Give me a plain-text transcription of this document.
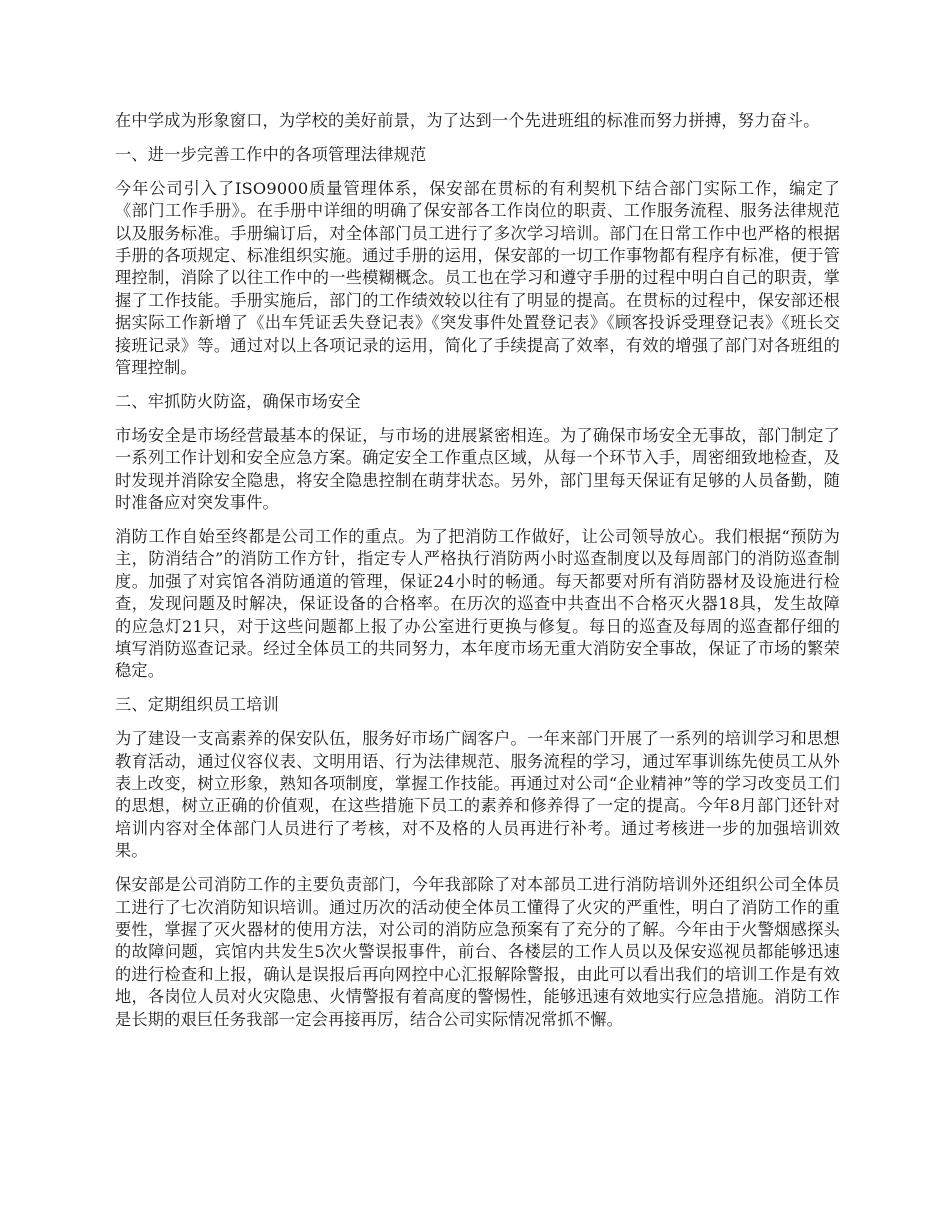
在中学成为形象窗口，为学校的美好前景，为了达到一个先进班组的标准而努力拼搏，努力奋斗。

一、进一步完善工作中的各项管理法律规范

今年公司引入了ISO9000质量管理体系，保安部在贯标的有利契机下结合部门实际工作，编定了《部门工作手册》。在手册中详细的明确了保安部各工作岗位的职责、工作服务流程、服务法律规范以及服务标准。手册编订后，对全体部门员工进行了多次学习培训。部门在日常工作中也严格的根据手册的各项规定、标准组织实施。通过手册的运用，保安部的一切工作事物都有程序有标准，便于管理控制，消除了以往工作中的一些模糊概念。员工也在学习和遵守手册的过程中明白自己的职责，掌握了工作技能。手册实施后，部门的工作绩效较以往有了明显的提高。在贯标的过程中，保安部还根据实际工作新增了《出车凭证丢失登记表》《突发事件处置登记表》《顾客投诉受理登记表》《班长交接班记录》等。通过对以上各项记录的运用，简化了手续提高了效率，有效的增强了部门对各班组的管理控制。

二、牢抓防火防盗，确保市场安全

市场安全是市场经营最基本的保证，与市场的进展紧密相连。为了确保市场安全无事故，部门制定了一系列工作计划和安全应急方案。确定安全工作重点区域，从每一个环节入手，周密细致地检查，及时发现并消除安全隐患，将安全隐患控制在萌芽状态。另外，部门里每天保证有足够的人员备勤，随时准备应对突发事件。

消防工作自始至终都是公司工作的重点。为了把消防工作做好，让公司领导放心。我们根据“预防为主，防消结合”的消防工作方针，指定专人严格执行消防两小时巡查制度以及每周部门的消防巡查制度。加强了对宾馆各消防通道的管理，保证24小时的畅通。每天都要对所有消防器材及设施进行检查，发现问题及时解决，保证设备的合格率。在历次的巡查中共查出不合格灭火器18具，发生故障的应急灯21只，对于这些问题都上报了办公室进行更换与修复。每日的巡查及每周的巡查都仔细的填写消防巡查记录。经过全体员工的共同努力，本年度市场无重大消防安全事故，保证了市场的繁荣稳定。

三、定期组织员工培训

为了建设一支高素养的保安队伍，服务好市场广阔客户。一年来部门开展了一系列的培训学习和思想教育活动，通过仪容仪表、文明用语、行为法律规范、服务流程的学习，通过军事训练先使员工从外表上改变，树立形象，熟知各项制度，掌握工作技能。再通过对公司“企业精神”等的学习改变员工们的思想，树立正确的价值观，在这些措施下员工的素养和修养得了一定的提高。今年8月部门还针对培训内容对全体部门人员进行了考核，对不及格的人员再进行补考。通过考核进一步的加强培训效果。

保安部是公司消防工作的主要负责部门，今年我部除了对本部员工进行消防培训外还组织公司全体员工进行了七次消防知识培训。通过历次的活动使全体员工懂得了火灾的严重性，明白了消防工作的重要性，掌握了灭火器材的使用方法，对公司的消防应急预案有了充分的了解。今年由于火警烟感探头的故障问题，宾馆内共发生5次火警误报事件，前台、各楼层的工作人员以及保安巡视员都能够迅速的进行检查和上报，确认是误报后再向网控中心汇报解除警报，由此可以看出我们的培训工作是有效地，各岗位人员对火灾隐患、火情警报有着高度的警惕性，能够迅速有效地实行应急措施。消防工作是长期的艰巨任务我部一定会再接再厉，结合公司实际情况常抓不懈。
